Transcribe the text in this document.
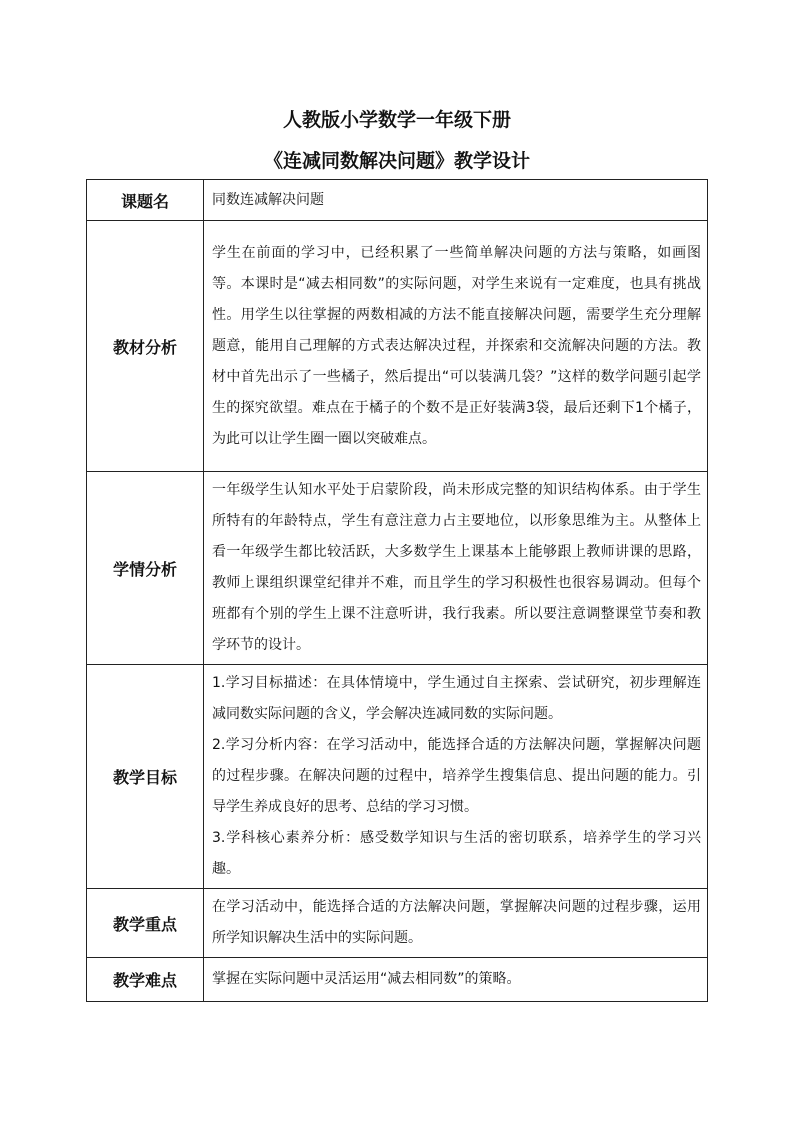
人教版小学数学一年级下册
《连减同数解决问题》教学设计
课题名	同数连减解决问题

教材分析	学生在前面的学习中，已经积累了一些简单解决问题的方法与策略，如画图等。本课时是“减去相同数”的实际问题，对学生来说有一定难度，也具有挑战性。用学生以往掌握的两数相减的方法不能直接解决问题，需要学生充分理解题意，能用自己理解的方式表达解决过程，并探索和交流解决问题的方法。教材中首先出示了一些橘子，然后提出“可以装满几袋？”这样的数学问题引起学生的探究欲望。难点在于橘子的个数不是正好装满3袋，最后还剩下1个橘子，为此可以让学生圈一圈以突破难点。

学情分析	一年级学生认知水平处于启蒙阶段，尚未形成完整的知识结构体系。由于学生所特有的年龄特点，学生有意注意力占主要地位，以形象思维为主。从整体上看一年级学生都比较活跃，大多数学生上课基本上能够跟上教师讲课的思路，教师上课组织课堂纪律并不难，而且学生的学习积极性也很容易调动。但每个班都有个别的学生上课不注意听讲，我行我素。所以要注意调整课堂节奏和教学环节的设计。

教学目标	1.学习目标描述：在具体情境中，学生通过自主探索、尝试研究，初步理解连减同数实际问题的含义，学会解决连减同数的实际问题。

2.学习分析内容：在学习活动中，能选择合适的方法解决问题，掌握解决问题的过程步骤。在解决问题的过程中，培养学生搜集信息、提出问题的能力。引导学生养成良好的思考、总结的学习习惯。

3.学科核心素养分析：感受数学知识与生活的密切联系，培养学生的学习兴趣。

教学重点	在学习活动中，能选择合适的方法解决问题，掌握解决问题的过程步骤，运用所学知识解决生活中的实际问题。

教学难点	掌握在实际问题中灵活运用“减去相同数”的策略。
